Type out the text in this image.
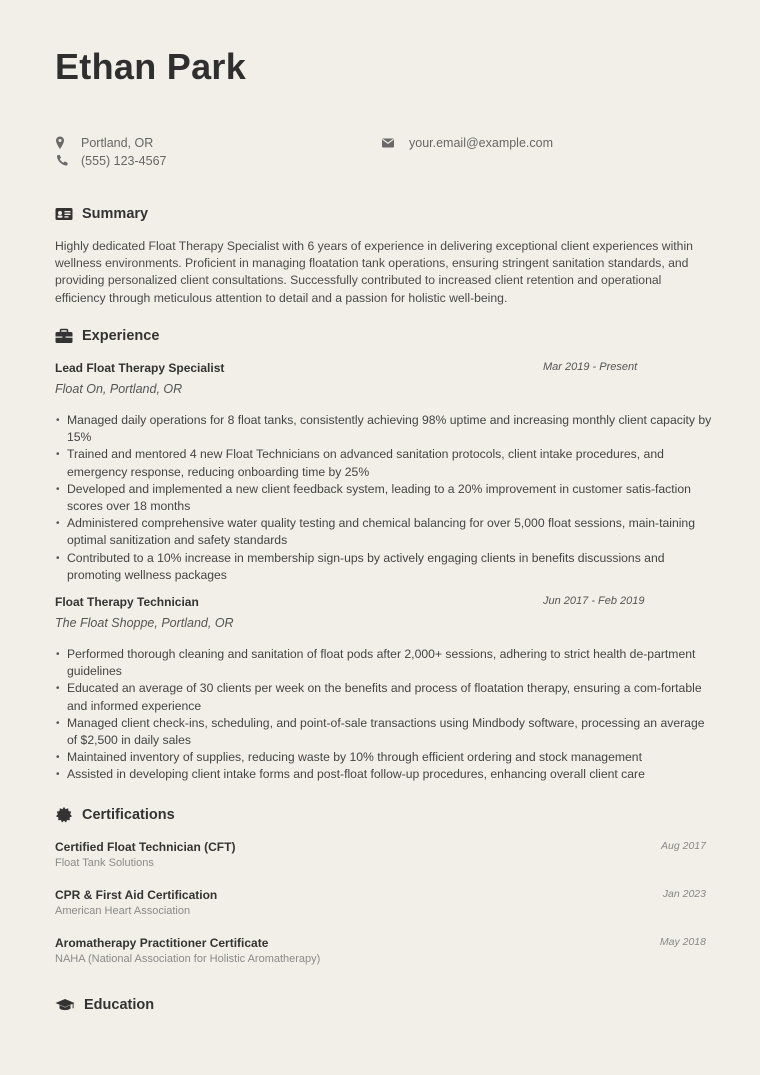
Ethan Park
Portland, OR
(555) 123-4567
your.email@example.com
Summary

Highly dedicated Float Therapy Specialist with 6 years of experience in delivering exceptional client experiences within wellness environments. Proficient in managing floatation tank operations, ensuring stringent sanitation standards, and providing personalized client consultations. Successfully contributed to increased client retention and operational efficiency through meticulous attention to detail and a passion for holistic well-being.

Experience
Lead Float Therapy Specialist	Mar 2019 - Present
Float On, Portland, OR
• Managed daily operations for 8 float tanks, consistently achieving 98% uptime and increasing monthly client capacity by 15%
• Trained and mentored 4 new Float Technicians on advanced sanitation protocols, client intake procedures, and emergency response, reducing onboarding time by 25%
• Developed and implemented a new client feedback system, leading to a 20% improvement in customer satis-faction scores over 18 months
• Administered comprehensive water quality testing and chemical balancing for over 5,000 float sessions, main-taining optimal sanitization and safety standards
• Contributed to a 10% increase in membership sign-ups by actively engaging clients in benefits discussions and promoting wellness packages
Float Therapy Technician	Jun 2017 - Feb 2019
The Float Shoppe, Portland, OR
• Performed thorough cleaning and sanitation of float pods after 2,000+ sessions, adhering to strict health de-partment guidelines
• Educated an average of 30 clients per week on the benefits and process of floatation therapy, ensuring a com-fortable and informed experience
• Managed client check-ins, scheduling, and point-of-sale transactions using Mindbody software, processing an average of $2,500 in daily sales
• Maintained inventory of supplies, reducing waste by 10% through efficient ordering and stock management
• Assisted in developing client intake forms and post-float follow-up procedures, enhancing overall client care
Certifications
Certified Float Technician (CFT)	Aug 2017
Float Tank Solutions
CPR & First Aid Certification	Jan 2023
American Heart Association
Aromatherapy Practitioner Certificate	May 2018
NAHA (National Association for Holistic Aromatherapy)
Education
